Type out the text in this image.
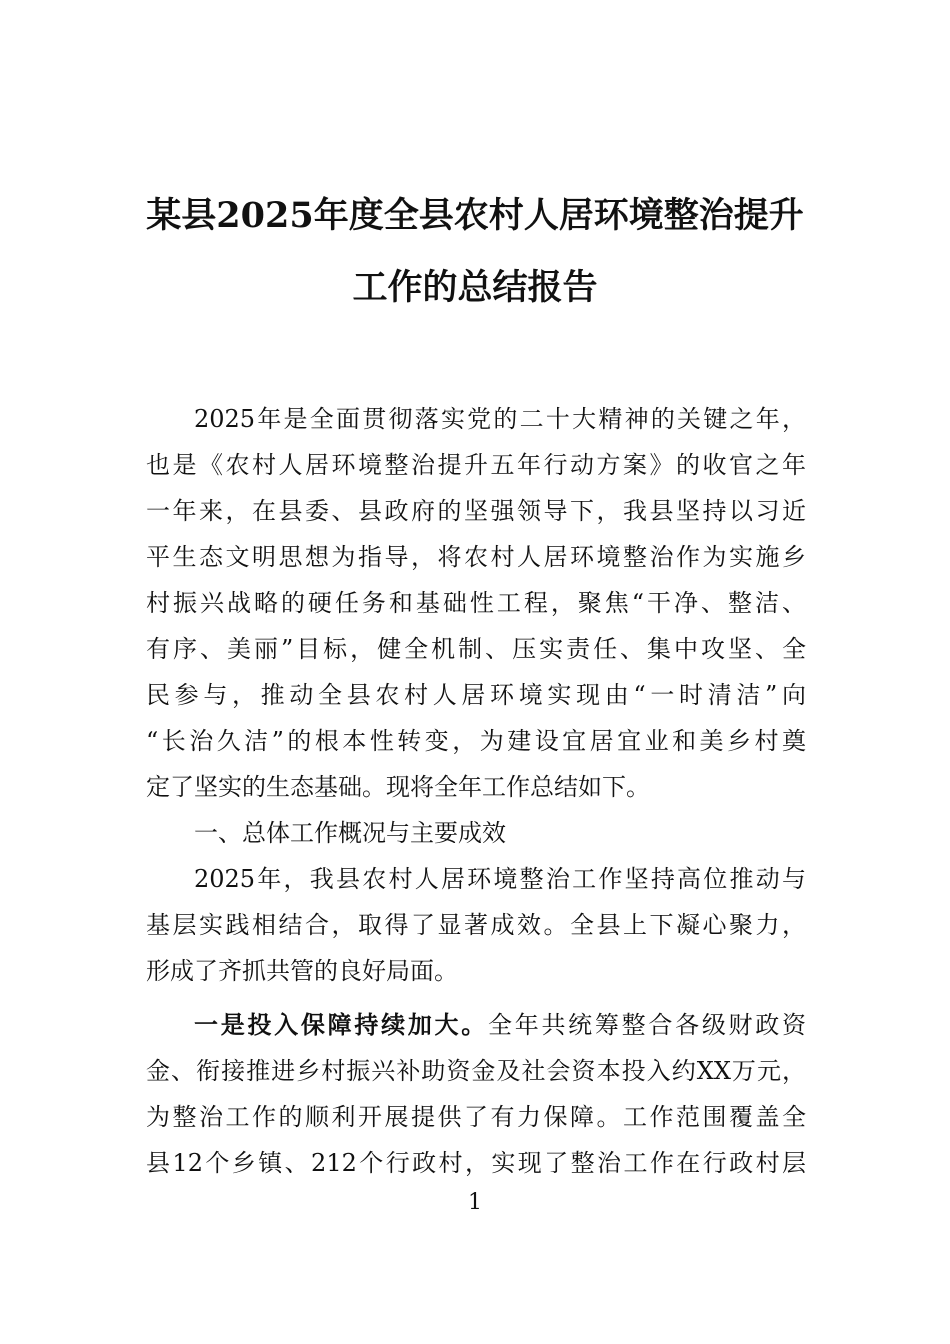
某县2025年度全县农村人居环境整治提升
工作的总结报告
2025年是全面贯彻落实党的二十大精神的关键之年，
也是《农村人居环境整治提升五年行动方案》的收官之年
一年来，在县委、县政府的坚强领导下，我县坚持以习近
平生态文明思想为指导，将农村人居环境整治作为实施乡
村振兴战略的硬任务和基础性工程，聚焦“干净、整洁、
有序、美丽”目标，健全机制、压实责任、集中攻坚、全
民参与，推动全县农村人居环境实现由“一时清洁”向
“长治久洁”的根本性转变，为建设宜居宜业和美乡村奠
定了坚实的生态基础。现将全年工作总结如下。
一、总体工作概况与主要成效
2025年，我县农村人居环境整治工作坚持高位推动与
基层实践相结合，取得了显著成效。全县上下凝心聚力，
形成了齐抓共管的良好局面。
一是投入保障持续加大。全年共统筹整合各级财政资
金、衔接推进乡村振兴补助资金及社会资本投入约XX万元，
为整治工作的顺利开展提供了有力保障。工作范围覆盖全
县12个乡镇、212个行政村，实现了整治工作在行政村层
1
